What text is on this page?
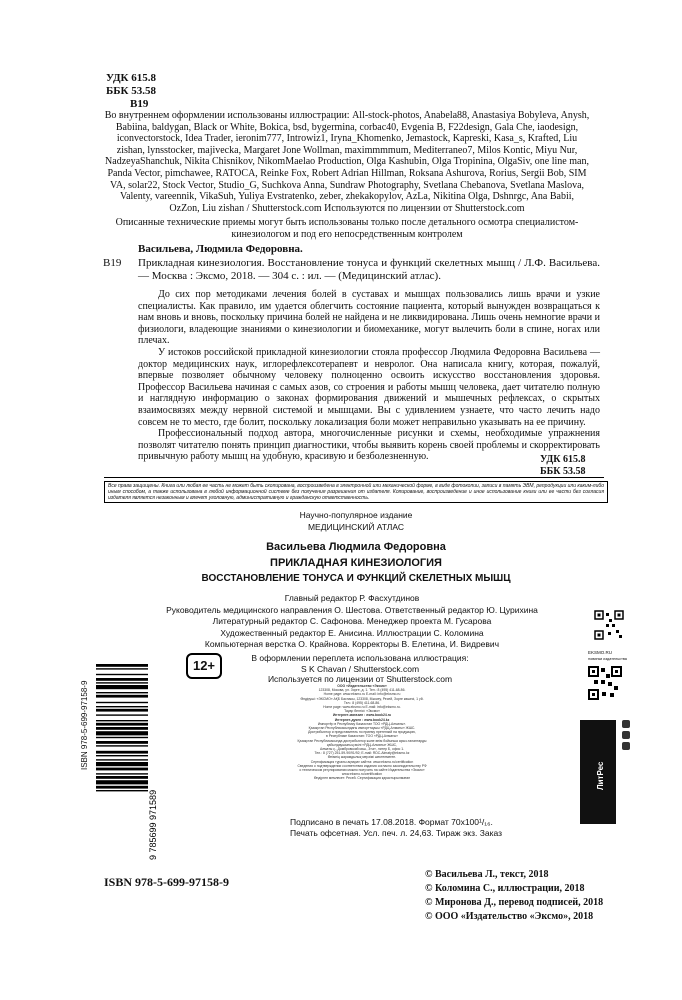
УДК 615.8
ББК 53.58
В19
Во внутреннем оформлении использованы иллюстрации: All-stock-photos, Anabela88, Anastasiya Bobyleva, Anysh, Babiina, baldygan, Black or White, Bokica, bsd, bygermina, corbac40, Evgenia B, F22design, Gala Che, iaodesign, iconvectorstock, Idea Trader, ieronim777, Introwiz1, Iryna_Khomenko, Jemastock, Kapreski, Kasa_s, Krafted, Liu zishan, lynsstocker, majivecka, Margaret Jone Wollman, maximmmmum, Mediterraneo7, Milos Kontic, Miyu Nur, NadzeyaShanchuk, Nikita Chisnikov, NikomMaelao Production, Olga Kashubin, Olga Tropinina, OlgaSiv, one line man, Panda Vector, pimchawee, RATOCA, Reinke Fox, Robert Adrian Hillman, Roksana Ashurova, Rorius, Sergii Bob, SIM VA, solar22, Stock Vector, Studio_G, Suchkova Anna, Sundraw Photography, Svetlana Chebanova, Svetlana Maslova, Valenty, vareennik, VikaSuh, Yuliya Evstratenko, zeber, zhekakopylov, AzLa, Nikitina Olga, Dshnrgc, Ana Babii, OzZon, Liu zishan / Shutterstock.com Используются по лицензии от Shutterstock.com
Описанные технические приемы могут быть использованы только после детального осмотра специалистом-кинезиологом и под его непосредственным контролем
Васильева, Людмила Федоровна.
В19 Прикладная кинезиология. Восстановление тонуса и функций скелетных мышц / Л.Ф. Васильева. — Москва : Эксмо, 2018. — 304 с. : ил. — (Медицинский атлас).

До сих пор методиками лечения болей в суставах и мышцах пользовались лишь врачи и узкие специалисты. Как правило, им удается облегчить состояние пациента, который вынужден возвращаться к нам вновь и вновь, поскольку причина болей не найдена и не ликвидирована. Лишь очень немногие врачи и физиологи, владеющие знаниями о кинезиологии и биомеханике, могут вылечить боли в спине, ногах или плечах.

У истоков российской прикладной кинезиологии стояла профессор Людмила Федоровна Васильева — доктор медицинских наук, иглорефлексотерапевт и невролог. Она написала книгу, которая, пожалуй, впервые позволяет обычному человеку полноценно освоить искусство восстановления здоровья. Профессор Васильева начиная с самых азов, со строения и работы мышц человека, дает читателю полную и наглядную информацию о законах формирования движений и мышечных рефлексах, о скрытых взаимосвязях между нервной системой и мышцами. Вы с удивлением узнаете, что часто лечить надо совсем не то место, где болит, поскольку локализация боли может неправильно указывать на ее причину.

Профессиональный подход автора, многочисленные рисунки и схемы, необходимые упражнения позволят читателю понять принцип диагностики, чтобы выявить корень своей проблемы и скорректировать привычную работу мышц на удобную, красивую и безболезненную.	УДК 615.8
ББК 53.58
Все права защищены. Книга или любая ее часть не может быть скопирована, воспроизведена в электронной или механической форме, в виде фотокопии, записи в память ЭВМ, репродукции или каким-либо иным способом, а также использована в любой информационной системе без получения разрешения от издателя. Копирование, воспроизведение и иное использование книги или ее части без согласия издателя является незаконным и влечет уголовную, административную и гражданскую ответственность.
Научно-популярное издание
МЕДИЦИНСКИЙ АТЛАС
Васильева Людмила Федоровна
ПРИКЛАДНАЯ КИНЕЗИОЛОГИЯ
ВОССТАНОВЛЕНИЕ ТОНУСА И ФУНКЦИЙ СКЕЛЕТНЫХ МЫШЦ
Главный редактор Р. Фасхутдинов
Руководитель медицинского направления О. Шестова. Ответственный редактор Ю. Цурихина
Литературный редактор С. Сафонова. Менеджер проекта М. Гусарова
Художественный редактор Е. Анисина. Иллюстрации С. Коломина
Компьютерная верстка О. Крайнова. Корректоры В. Елетина, И. Видревич
12+	В оформлении переплета использована иллюстрация:
S K Chavan / Shutterstock.com
Используется по лицензии от Shutterstock.com
ООО «Издательство «Эксмо»
123308, Москва, ул. Зорге, д. 1. Тел.: 8 (495) 411-68-86.
Home page: www.eksmo.ru E-mail: info@eksmo.ru
Өндіруші: «ЭКСМО» АҚБ Баспасы, 123308, Мәскеу, Ресей, Зорге көшесі, 1 үй.
Тел.: 8 (495) 411-68-86.
Home page: www.eksmo.ru E-mail: info@eksmo.ru.
Тауар белгісі: «Эксмо»
Интернет-магазин : www.book24.ru
Интернет-дүкен : www.book24.kz
Импортёр в Республику Казахстан ТОО «РДЦ-Алматы».
Қазақстан Республикасындағы импорттаушы «РДЦ-Алматы» ЖШС.
Дистрибьютор и представитель по приему претензий на продукцию,
в Республике Казахстан: ТОО «РДЦ-Алматы»
Қазақстан Республикасында дистрибьютор және өнім бойынша арыз-талаптарды
қабылдаушының өкілі «РДЦ-Алматы» ЖШС,
Алматы қ., Домбровский көш., 3«а», литер Б, офис 1.
Тел.: 8 (727) 251-59-90/91/92; E-mail: RDC-Almaty@eksmo.kz
Өнімнің жарамдылық мерзімі шектелмеген.
Сертификация туралы ақпарат сайтта: www.eksmo.ru/certification
Сведения о подтверждении соответствия издания согласно законодательству РФ
о техническом регулировании можно получить на сайте Издательства «Эксмо»
www.eksmo.ru/certification
Өндірген мемлекет: Ресей. Сертификация қарастырылмаған
Подписано в печать 17.08.2018. Формат 70x100¹/₁₆.
Печать офсетная. Усл. печ. л. 24,63. Тираж экз. Заказ
© Васильева Л., текст, 2018
© Коломина С., иллюстрации, 2018
© Миронова Д., перевод подписей, 2018
© ООО «Издательство «Эксмо», 2018
ISBN 978-5-699-97158-9
9 785699 971589
ISBN 978-5-699-97158-9
EKSMO.RU
новинки издательства
ЛитРес
